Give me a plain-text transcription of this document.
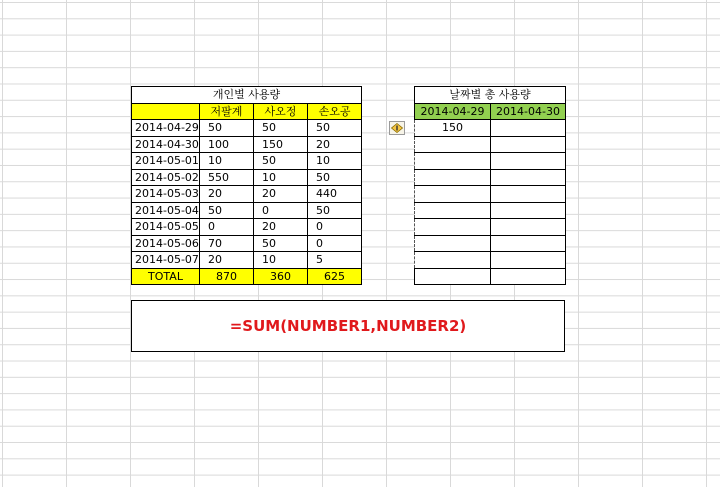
개인별 사용량			
	저팔계	사오정	손오공
2014-04-29	50	50	50
2014-04-30	100	150	20
2014-05-01	10	50	10
2014-05-02	550	10	50
2014-05-03	20	20	440
2014-05-04	50	0	50
2014-05-05	0	20	0
2014-05-06	70	50	0
2014-05-07	20	10	5
TOTAL	870	360	625
날짜별 총 사용량	
2014-04-29	2014-04-30
150	

=SUM(NUMBER1,NUMBER2)
